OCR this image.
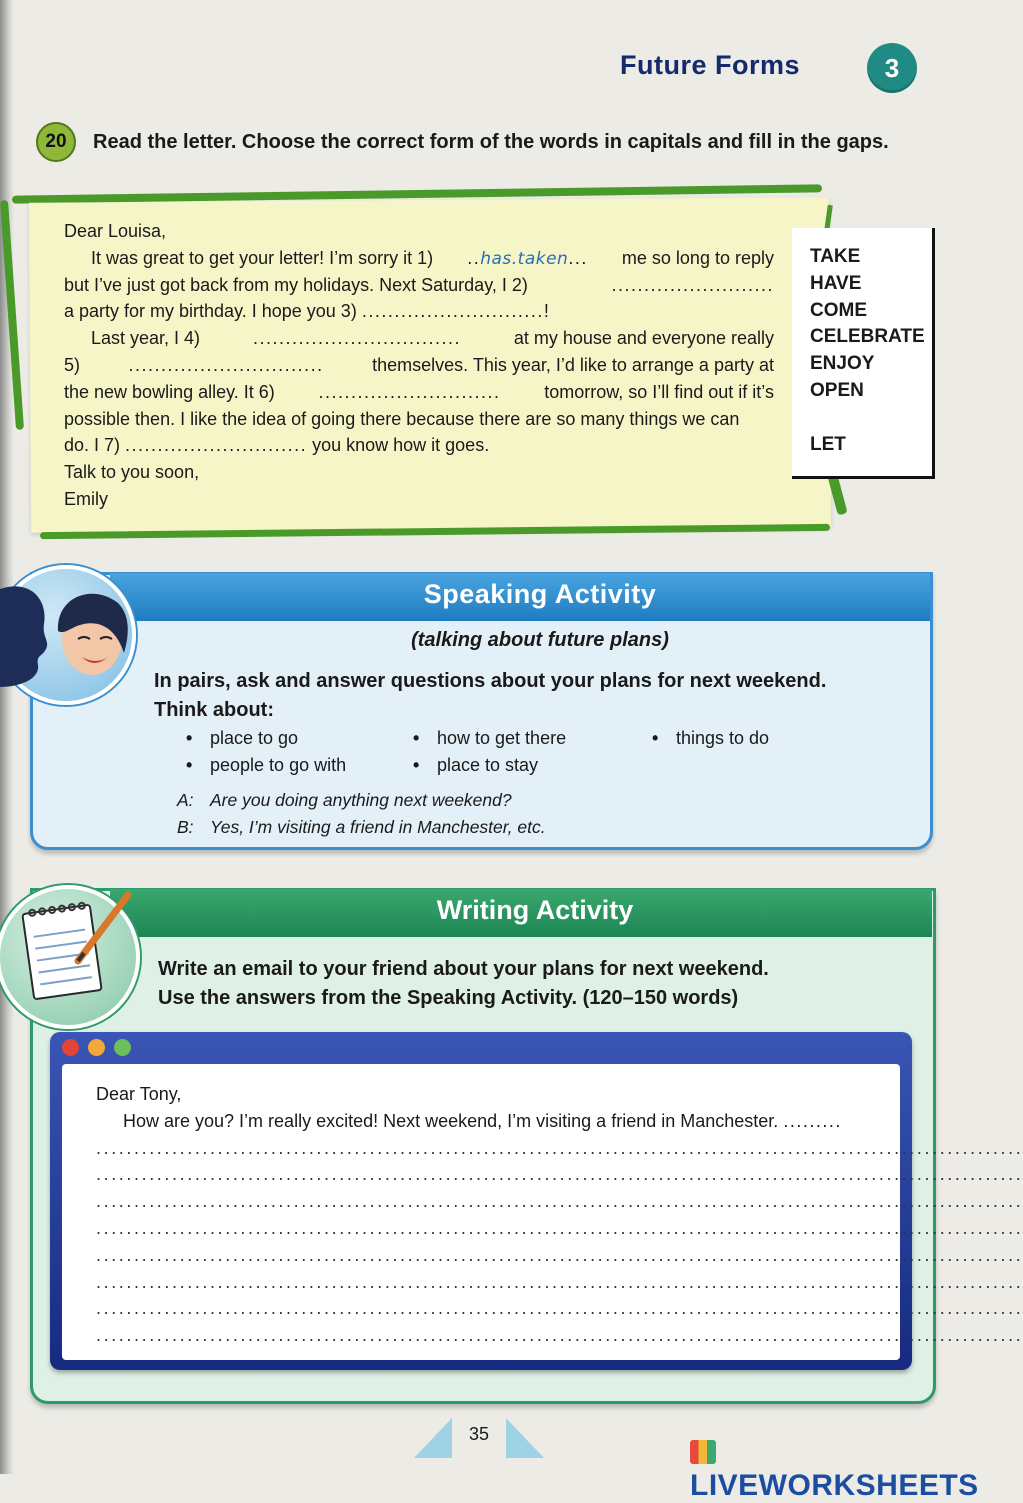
Future Forms	3
20	Read the letter. Choose the correct form of the words in capitals and fill in the gaps.
Dear Louisa,
It was great to get your letter! I’m sorry it 1) ..has.taken... me so long to reply
but I’ve just got back from my holidays. Next Saturday, I 2)	.........................
a party for my birthday. I hope you 3) ............................!
Last year, I 4)	................................	at my house and everyone really
5)	..............................	themselves. This year, I’d like to arrange a party at
the new bowling alley. It 6) ............................ tomorrow, so I’ll find out if it’s
possible then. I like the idea of going there because there are so many things we can
do. I 7) ............................ you know how it goes.
Talk to you soon,
Emily
TAKE
HAVE
COME
CELEBRATE
ENJOY
OPEN
LET
Speaking Activity
(talking about future plans)
In pairs, ask and answer questions about your plans for next weekend.
Think about:
• place to go	• how to get there	• things to do
• people to go with	• place to stay
A: Are you doing anything next weekend?
B: Yes, I’m visiting a friend in Manchester, etc.
Writing Activity
Write an email to your friend about your plans for next weekend.
Use the answers from the Speaking Activity. (120–150 words)
Dear Tony,
How are you? I’m really excited! Next weekend, I’m visiting a friend in Manchester. .........
..........................................................................................................................
..........................................................................................................................
..........................................................................................................................
..........................................................................................................................
..........................................................................................................................
..........................................................................................................................
..........................................................................................................................
..........................................................................................................................
35
LIVEWORKSHEETS
